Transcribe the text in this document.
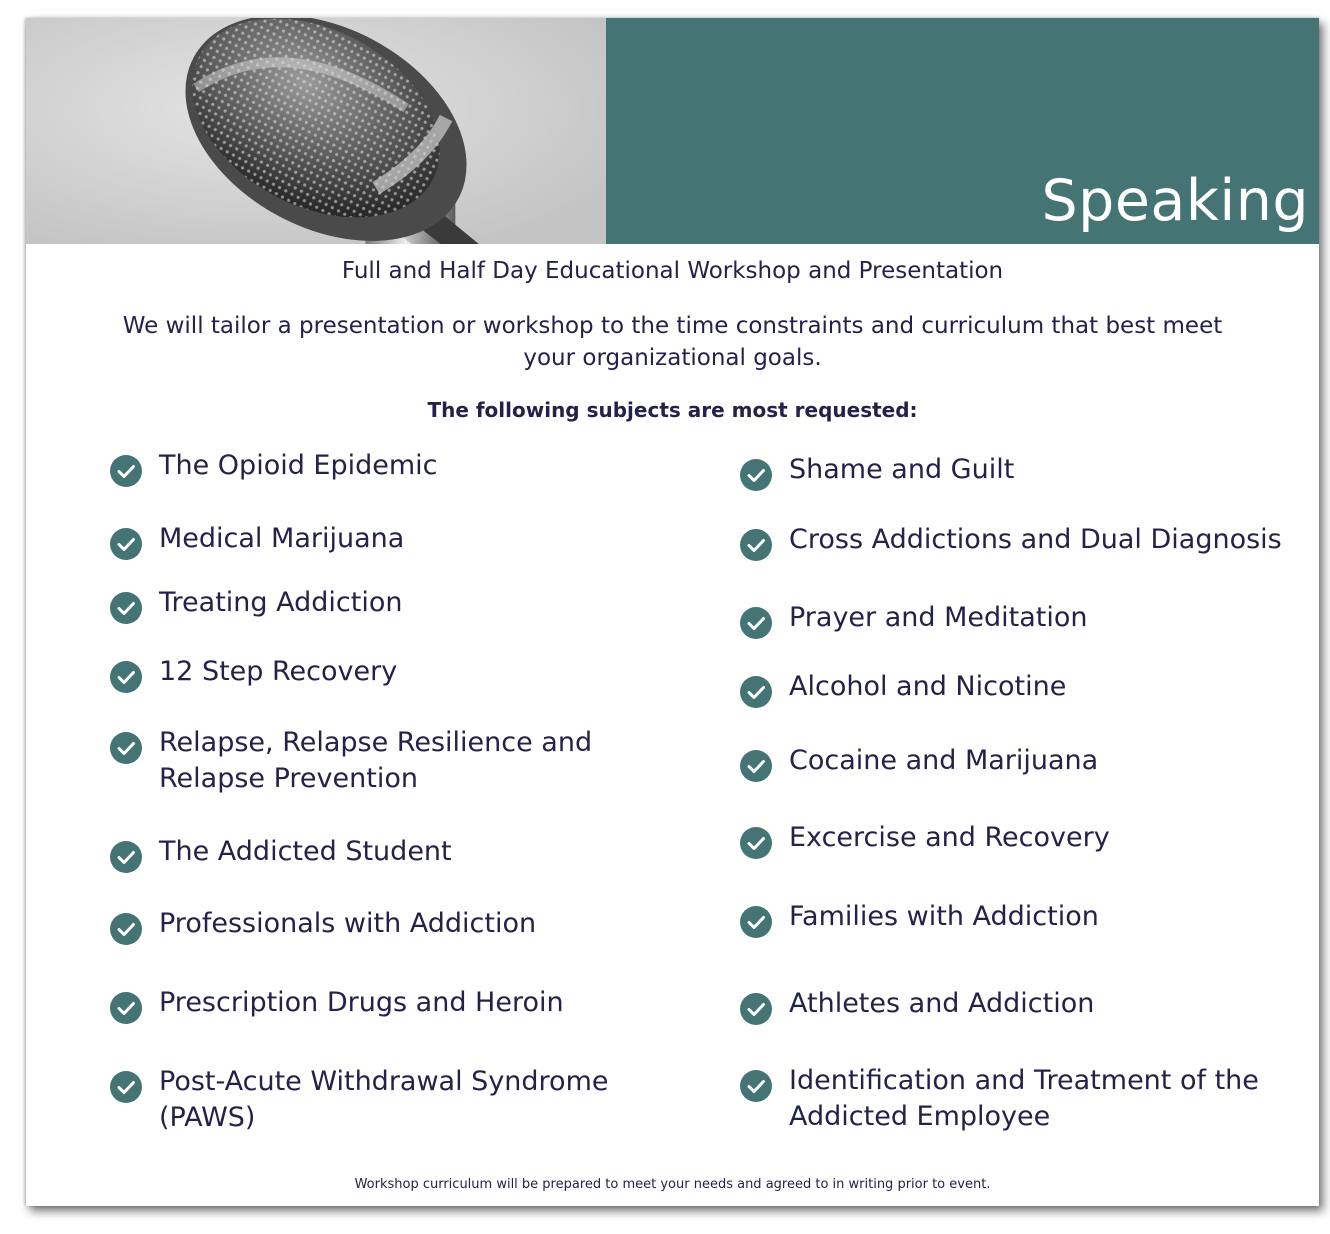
Speaking
Full and Half Day Educational Workshop and Presentation
We will tailor a presentation or workshop to the time constraints and curriculum that best meet your organizational goals.
The following subjects are most requested:
The Opioid Epidemic
Medical Marijuana
Treating Addiction
12 Step Recovery
Relapse, Relapse Resilience and Relapse Prevention
The Addicted Student
Professionals with Addiction
Prescription Drugs and Heroin
Post-Acute Withdrawal Syndrome (PAWS)
Shame and Guilt
Cross Addictions and Dual Diagnosis
Prayer and Meditation
Alcohol and Nicotine
Cocaine and Marijuana
Excercise and Recovery
Families with Addiction
Athletes and Addiction
Identification and Treatment of the Addicted Employee
Workshop curriculum will be prepared to meet your needs and agreed to in writing prior to event.
